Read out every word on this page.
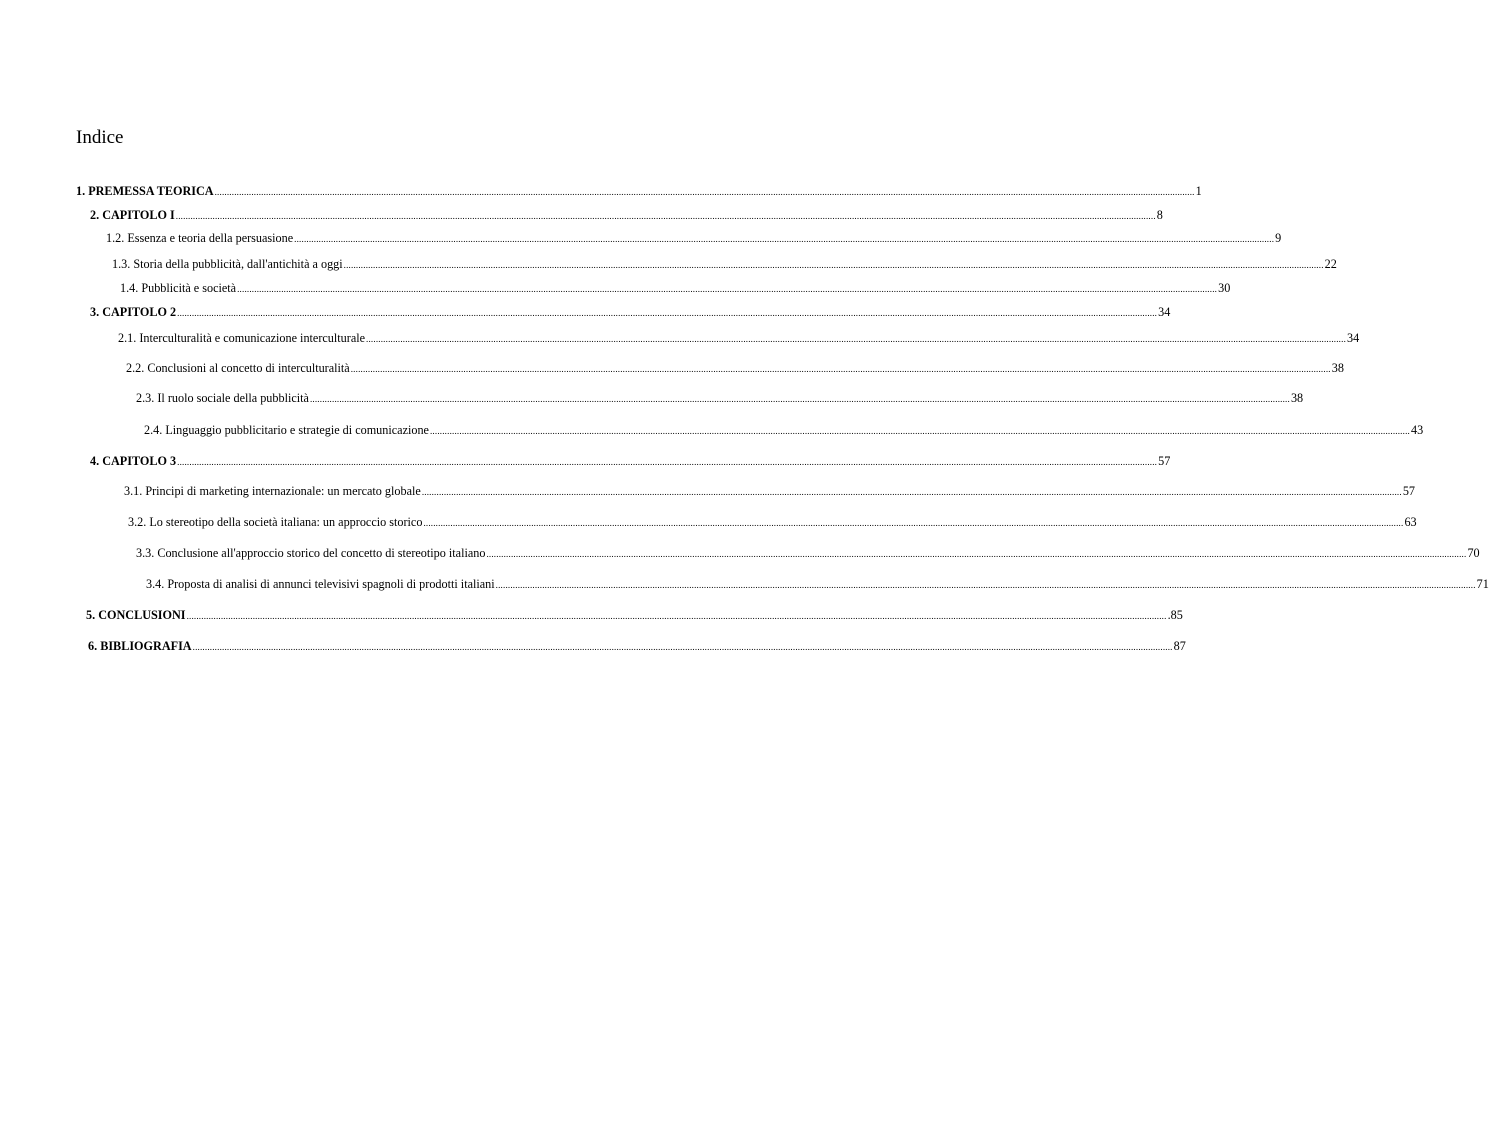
Indice
1. PREMESSA TEORICA ................................................................................................................................................................................................................................................................................................................................................................................................................ 1
2. CAPITOLO I ................................................................................................................................................................................................................................................................................................................................................................................................................ 8
1.2. Essenza e teoria della persuasione ................................................................................................................................................................................................................................................................................................................................................................................................................ 9
1.3. Storia della pubblicità, dall'antichità a oggi ................................................................................................................................................................................................................................................................................................................................................................................................................ 22
1.4. Pubblicità e società ................................................................................................................................................................................................................................................................................................................................................................................................................ 30
3. CAPITOLO 2 ................................................................................................................................................................................................................................................................................................................................................................................................................ 34
2.1. Interculturalità e comunicazione interculturale ................................................................................................................................................................................................................................................................................................................................................................................................................ 34
2.2. Conclusioni al concetto di interculturalità ................................................................................................................................................................................................................................................................................................................................................................................................................ 38
2.3. Il ruolo sociale della pubblicità ................................................................................................................................................................................................................................................................................................................................................................................................................ 38
2.4. Linguaggio pubblicitario e strategie di comunicazione ................................................................................................................................................................................................................................................................................................................................................................................................................ 43
4. CAPITOLO 3 ................................................................................................................................................................................................................................................................................................................................................................................................................ 57
3.1. Principi di marketing internazionale: un mercato globale ................................................................................................................................................................................................................................................................................................................................................................................................................ 57
3.2. Lo stereotipo della società italiana: un approccio storico ................................................................................................................................................................................................................................................................................................................................................................................................................ 63
3.3. Conclusione all'approccio storico del concetto di stereotipo italiano ................................................................................................................................................................................................................................................................................................................................................................................................................ 70
3.4. Proposta di analisi di annunci televisivi spagnoli di prodotti italiani ................................................................................................................................................................................................................................................................................................................................................................................................................ 71
5. CONCLUSIONI ................................................................................................................................................................................................................................................................................................................................................................................................................ .85
6. BIBLIOGRAFIA ................................................................................................................................................................................................................................................................................................................................................................................................................ 87
